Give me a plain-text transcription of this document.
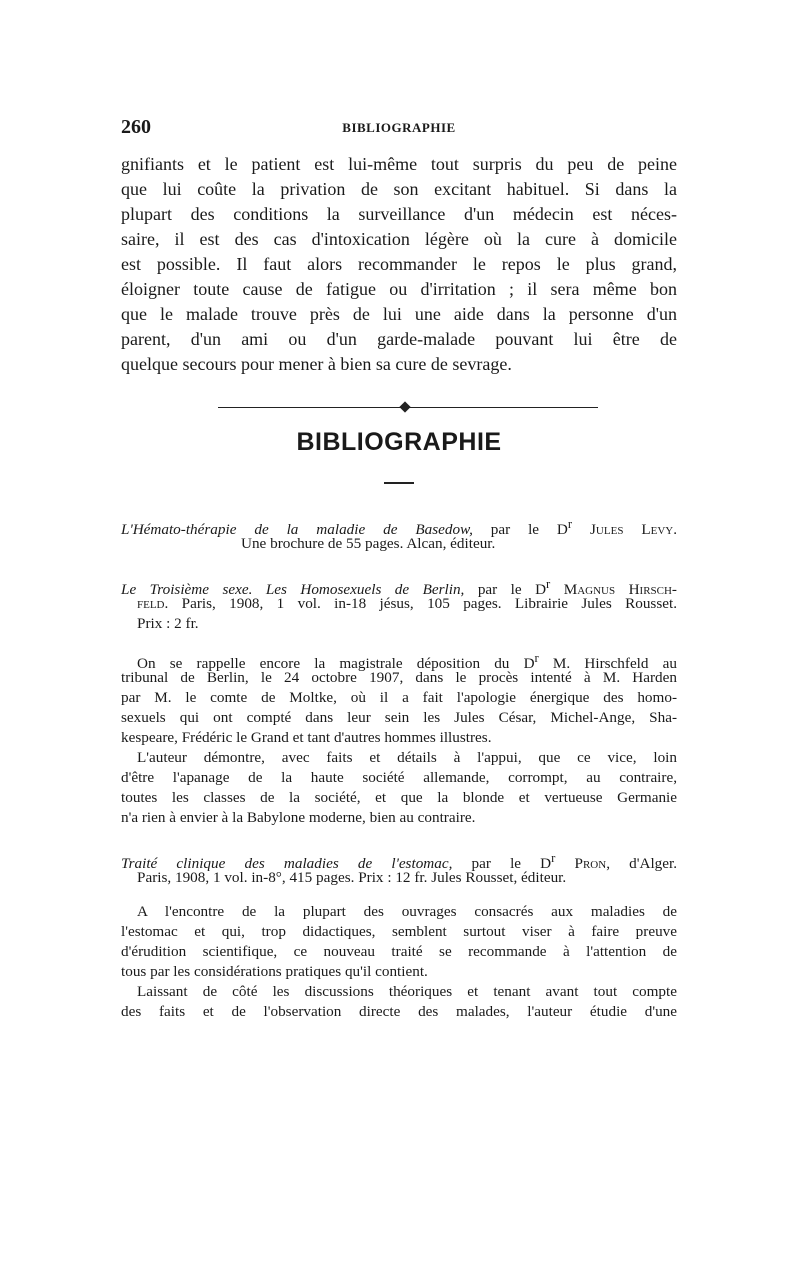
260	BIBLIOGRAPHIE
gnifiants et le patient est lui-même tout surpris du peu de peine
que lui coûte la privation de son excitant habituel. Si dans la
plupart des conditions la surveillance d'un médecin est néces-
saire, il est des cas d'intoxication légère où la cure à domicile
est possible. Il faut alors recommander le repos le plus grand,
éloigner toute cause de fatigue ou d'irritation ; il sera même bon
que le malade trouve près de lui une aide dans la personne d'un
parent, d'un ami ou d'un garde-malade pouvant lui être de
quelque secours pour mener à bien sa cure de sevrage.
BIBLIOGRAPHIE
L'Hémato-thérapie de la maladie de Basedow, par le $D^r$ Jules Levy.
Une brochure de 55 pages. Alcan, éditeur.
Le Troisième sexe. Les Homosexuels de Berlin, par le $D^r$ Magnus Hirsch-
feld. Paris, 1908, 1 vol. in-18 jésus, 105 pages. Librairie Jules Rousset.
Prix : 2 fr.
On se rappelle encore la magistrale déposition du $D^r$ M. Hirschfeld au
tribunal de Berlin, le 24 octobre 1907, dans le procès intenté à M. Harden
par M. le comte de Moltke, où il a fait l'apologie énergique des homo-
sexuels qui ont compté dans leur sein les Jules César, Michel-Ange, Sha-
kespeare, Frédéric le Grand et tant d'autres hommes illustres.
L'auteur démontre, avec faits et détails à l'appui, que ce vice, loin
d'être l'apanage de la haute société allemande, corrompt, au contraire,
toutes les classes de la société, et que la blonde et vertueuse Germanie
n'a rien à envier à la Babylone moderne, bien au contraire.
Traité clinique des maladies de l'estomac, par le $D^r$ Pron, d'Alger.
Paris, 1908, 1 vol. in-8°, 415 pages. Prix : 12 fr. Jules Rousset, éditeur.
A l'encontre de la plupart des ouvrages consacrés aux maladies de
l'estomac et qui, trop didactiques, semblent surtout viser à faire preuve
d'érudition scientifique, ce nouveau traité se recommande à l'attention de
tous par les considérations pratiques qu'il contient.
Laissant de côté les discussions théoriques et tenant avant tout compte
des faits et de l'observation directe des malades, l'auteur étudie d'une
